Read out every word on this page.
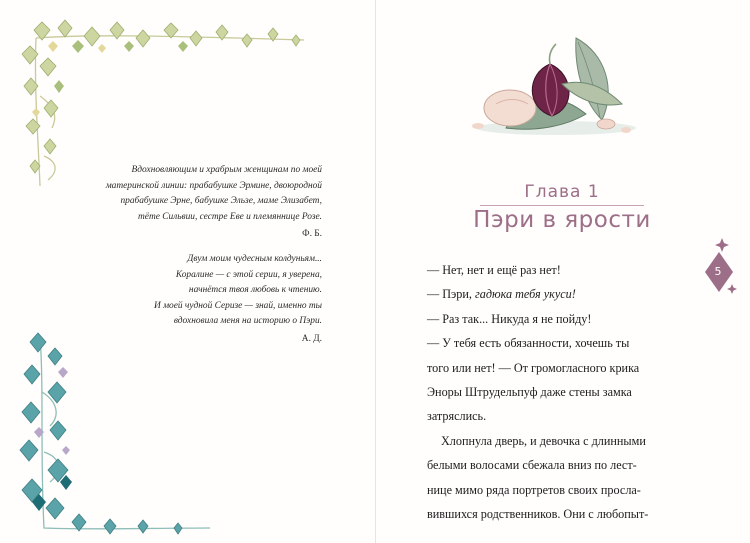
Вдохновляющим и храбрым женщинам по моей
материнской линии: прабабушке Эрмине, двоюродной
прабабушке Эрне, бабушке Эльзе, маме Элизабет,
тёте Сильвии, сестре Еве и племяннице Розе.
Ф. Б.
Двум моим чудесным колдуньям...
Коралине — с этой серии, я уверена,
начнётся твоя любовь к чтению.
И моей чудной Серизе — знай, именно ты
вдохновила меня на историю о Пэри.
А. Д.
Глава 1
Пэри в ярости

— Нет, нет и ещё раз нет!

— Пэри, гадюка тебя укуси!

— Раз так... Никуда я не пойду!

— У тебя есть обязанности, хочешь ты

того или нет! — От громогласного крика

Эноры Штрудельпуф даже стены замка

затряслись.

Хлопнула дверь, и девочка с длинными

белыми волосами сбежала вниз по лест-

нице мимо ряда портретов своих просла-

вившихся родственников. Они с любопыт-

5
